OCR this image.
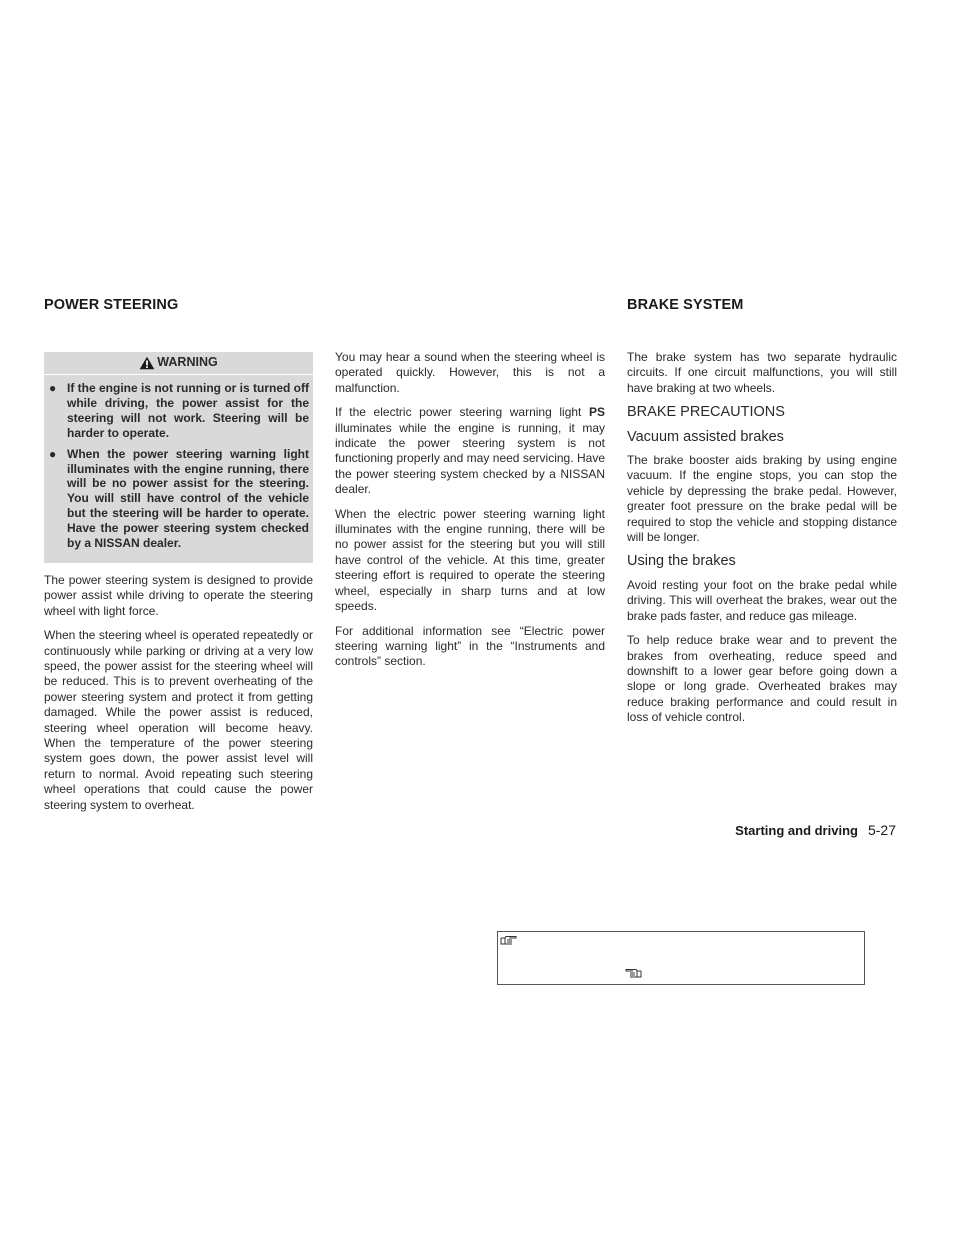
POWER STEERING	BRAKE SYSTEM
WARNING
● If the engine is not running or is turned off while driving, the power assist for the steering will not work. Steering will be harder to operate.
● When the power steering warning light illuminates with the engine running, there will be no power assist for the steering. You will still have control of the vehicle but the steering will be harder to operate. Have the power steering system checked by a NISSAN dealer.

The power steering system is designed to provide power assist while driving to operate the steering wheel with light force.

When the steering wheel is operated repeatedly or continuously while parking or driving at a very low speed, the power assist for the steering wheel will be reduced. This is to prevent overheating of the power steering system and protect it from getting damaged. While the power assist is reduced, steering wheel operation will become heavy. When the temperature of the power steering system goes down, the power assist level will return to normal. Avoid repeating such steering wheel operations that could cause the power steering system to overheat.

You may hear a sound when the steering wheel is operated quickly. However, this is not a malfunction.

If the electric power steering warning light PS illuminates while the engine is running, it may indicate the power steering system is not functioning properly and may need servicing. Have the power steering system checked by a NISSAN dealer.

When the electric power steering warning light illuminates with the engine running, there will be no power assist for the steering but you will still have control of the vehicle. At this time, greater steering effort is required to operate the steering wheel, especially in sharp turns and at low speeds.

For additional information see “Electric power steering warning light” in the “Instruments and controls” section.

The brake system has two separate hydraulic circuits. If one circuit malfunctions, you will still have braking at two wheels.

BRAKE PRECAUTIONS
Vacuum assisted brakes

The brake booster aids braking by using engine vacuum. If the engine stops, you can stop the vehicle by depressing the brake pedal. However, greater foot pressure on the brake pedal will be required to stop the vehicle and stopping distance will be longer.

Using the brakes

Avoid resting your foot on the brake pedal while driving. This will overheat the brakes, wear out the brake pads faster, and reduce gas mileage.

To help reduce brake wear and to prevent the brakes from overheating, reduce speed and downshift to a lower gear before going down a slope or long grade. Overheated brakes may reduce braking performance and could result in loss of vehicle control.

Starting and driving 5-27
